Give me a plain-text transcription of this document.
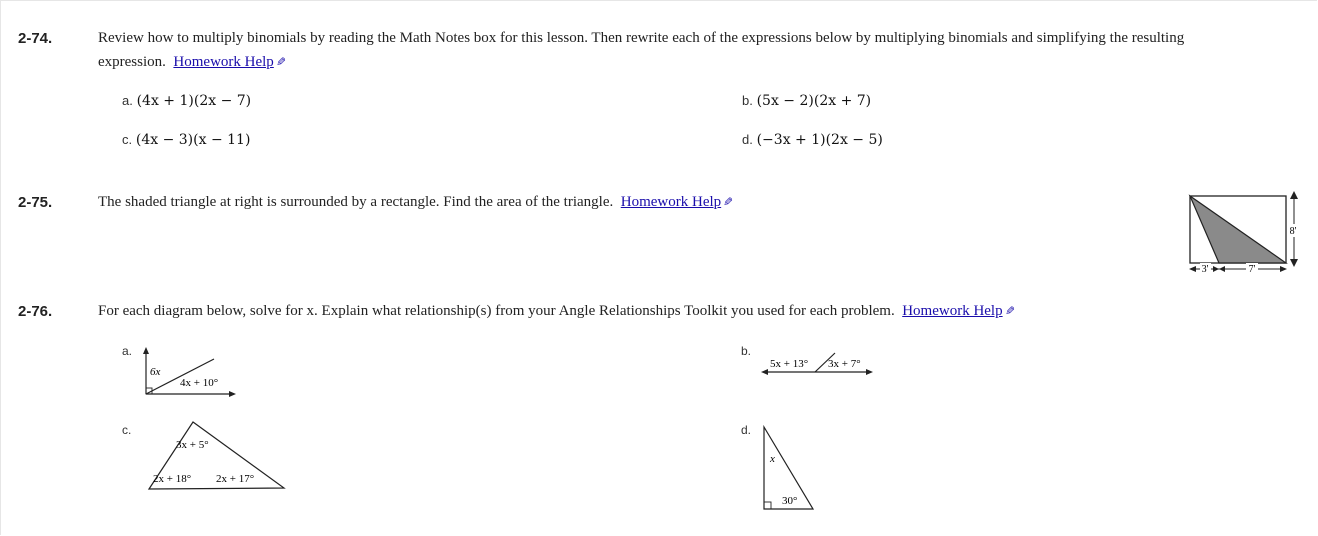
2-74.	Review how to multiply binomials by reading the Math Notes box for this lesson. Then rewrite each of the expressions below by multiplying binomials and simplifying the resulting
expression. Homework Help ✎
a. (4x + 1)(2x − 7)	b. (5x − 2)(2x + 7)
c. (4x − 3)(x − 11)	d. (−3x + 1)(2x − 5)
2-75.	The shaded triangle at right is surrounded by a rectangle. Find the area of the triangle. Homework Help ✎
8'
3'	7'
2-76.	For each diagram below, solve for x. Explain what relationship(s) from your Angle Relationships Toolkit you used for each problem. Homework Help ✎
a.
6x
4x + 10°
b.
5x + 13° 3x + 7°
c.
3x + 5°
2x + 18° 2x + 17°
d.
x
30°
